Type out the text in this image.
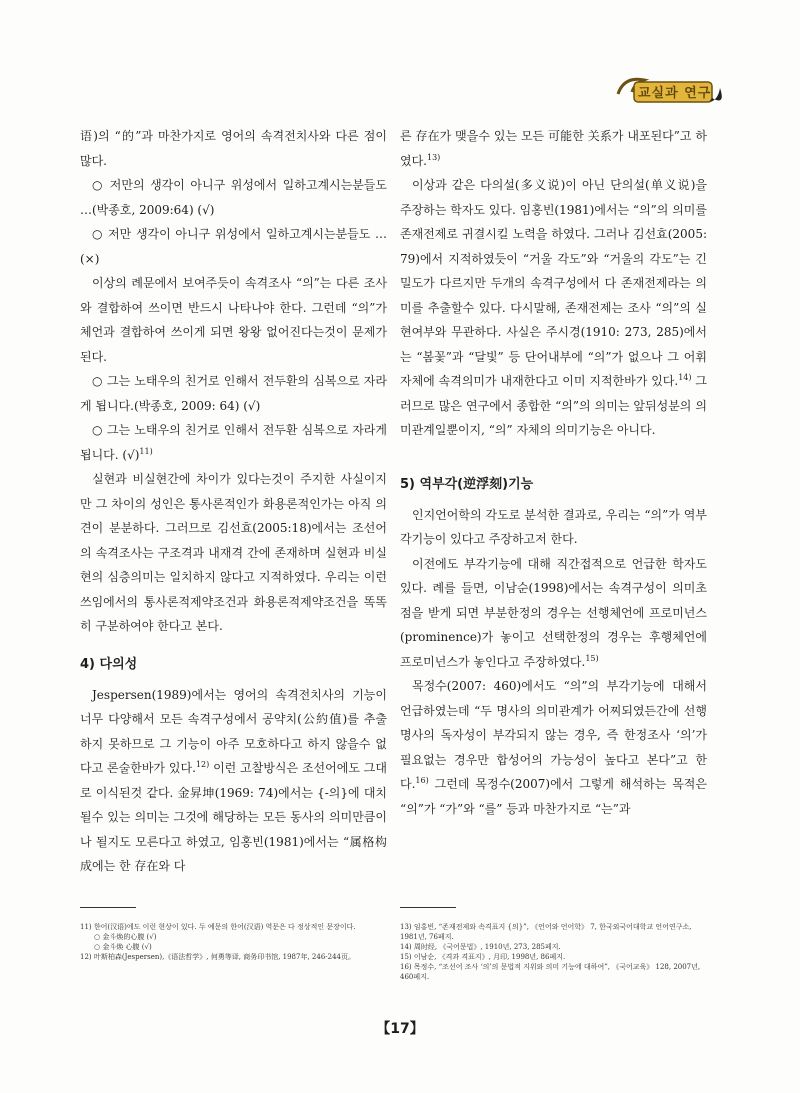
교실과 연구

语)의 “的”과 마찬가지로 영어의 속격전치사와 다른 점이 많다.

○ 저만의 생각이 아니구 위성에서 일하고계시는분들도 …(박종호, 2009:64) (√)

○ 저만 생각이 아니구 위성에서 일하고계시는분들도 …(×)

이상의 례문에서 보여주듯이 속격조사 “의”는 다른 조사와 결합하여 쓰이면 반드시 나타나야 한다. 그런데 “의”가 체언과 결합하여 쓰이게 되면 왕왕 없어진다는것이 문제가 된다.

○ 그는 노태우의 친거로 인해서 전두환의 심복으로 자라게 됩니다.(박종호, 2009: 64) (√)

○ 그는 노태우의 친거로 인해서 전두환 심복으로 자라게 됩니다. (√)$^{11)}$

실현과 비실현간에 차이가 있다는것이 주지한 사실이지만 그 차이의 성인은 통사론적인가 화용론적인가는 아직 의견이 분분하다. 그러므로 김선효(2005:18)에서는 조선어의 속격조사는 구조격과 내재격 간에 존재하며 실현과 비실현의 심층의미는 일치하지 않다고 지적하였다. 우리는 이런 쓰임에서의 통사론적제약조건과 화용론적제약조건을 똑똑히 구분하여야 한다고 본다.

4) 다의성

Jespersen(1989)에서는 영어의 속격전치사의 기능이 너무 다양해서 모든 속격구성에서 공약치(公約值)를 추출하지 못하므로 그 기능이 아주 모호하다고 하지 않을수 없다고 론술한바가 있다.$^{12)}$ 이런 고찰방식은 조선어에도 그대로 이식된것 같다. 金昇坤(1969: 74)에서는 {-의}에 대치될수 있는 의미는 그것에 해당하는 모든 동사의 의미만큼이나 될지도 모른다고 하였고, 임홍빈(1981)에서는 “属格构成에는 한 存在와 다

른 存在가 맺을수 있는 모든 可能한 关系가 내포된다”고 하였다.$^{13)}$

이상과 같은 다의설(多义说)이 아닌 단의설(单义说)을 주장하는 학자도 있다. 임홍빈(1981)에서는 “의”의 의미를 존재전제로 귀결시킬 노력을 하였다. 그러나 김선효(2005: 79)에서 지적하였듯이 “거울 각도”와 “거울의 각도”는 긴밀도가 다르지만 두개의 속격구성에서 다 존재전제라는 의미를 추출할수 있다. 다시말해, 존재전제는 조사 “의”의 실현여부와 무관하다. 사실은 주시경(1910: 273, 285)에서는 “봄꽃”과 “달빛” 등 단어내부에 “의”가 없으나 그 어휘 자체에 속격의미가 내재한다고 이미 지적한바가 있다.$^{14)}$ 그러므로 많은 연구에서 종합한 “의”의 의미는 앞뒤성분의 의미관계일뿐이지, “의” 자체의 의미기능은 아니다.

5) 역부각(逆浮刻)기능

인지언어학의 각도로 분석한 결과로, 우리는 “의”가 역부각기능이 있다고 주장하고저 한다.

이전에도 부각기능에 대해 직간접적으로 언급한 학자도 있다. 례를 들면, 이남순(1998)에서는 속격구성이 의미초점을 받게 되면 부분한정의 경우는 선행체언에 프로미넌스(prominence)가 놓이고 선택한정의 경우는 후행체언에 프로미넌스가 놓인다고 주장하였다.$^{15)}$

목정수(2007: 460)에서도 “의”의 부각기능에 대해서 언급하였는데 “두 명사의 의미관계가 어찌되였든간에 선행명사의 독자성이 부각되지 않는 경우, 즉 한정조사 ‘의’가 필요없는 경우만 합성어의 가능성이 높다고 본다”고 한다.$^{16)}$ 그런데 목정수(2007)에서 그렇게 해석하는 목적은 “의”가 “가”와 “를” 등과 마찬가지로 “는”과

11) 한어(汉语)에도 이런 현상이 있다. 두 예문의 한어(汉语) 역문은 다 정상적인 문장이다.
○ 金斗焕的心腹 (√)
○ 金斗焕 心腹 (√)
12) 叶斯柏森(Jespersen),《语法哲学》, 何勇等译, 商务印书馆, 1987年, 246-244页。
13) 임홍빈, “존재전제와 속격표지 {의}”, 《언어와 언어학》 7, 한국외국어대학교 언어연구소, 1981년, 76페지.
14) 周时经, 《국어문법》, 1910년, 273, 285페지.
15) 이남순, 《격과 격표지》, 月印, 1998년, 86페지.
16) 목정수, “조선어 조사 ‘의’의 문법적 지위와 의미 기능에 대하여”, 《국어교육》 128, 2007년, 460페지.
【17】
